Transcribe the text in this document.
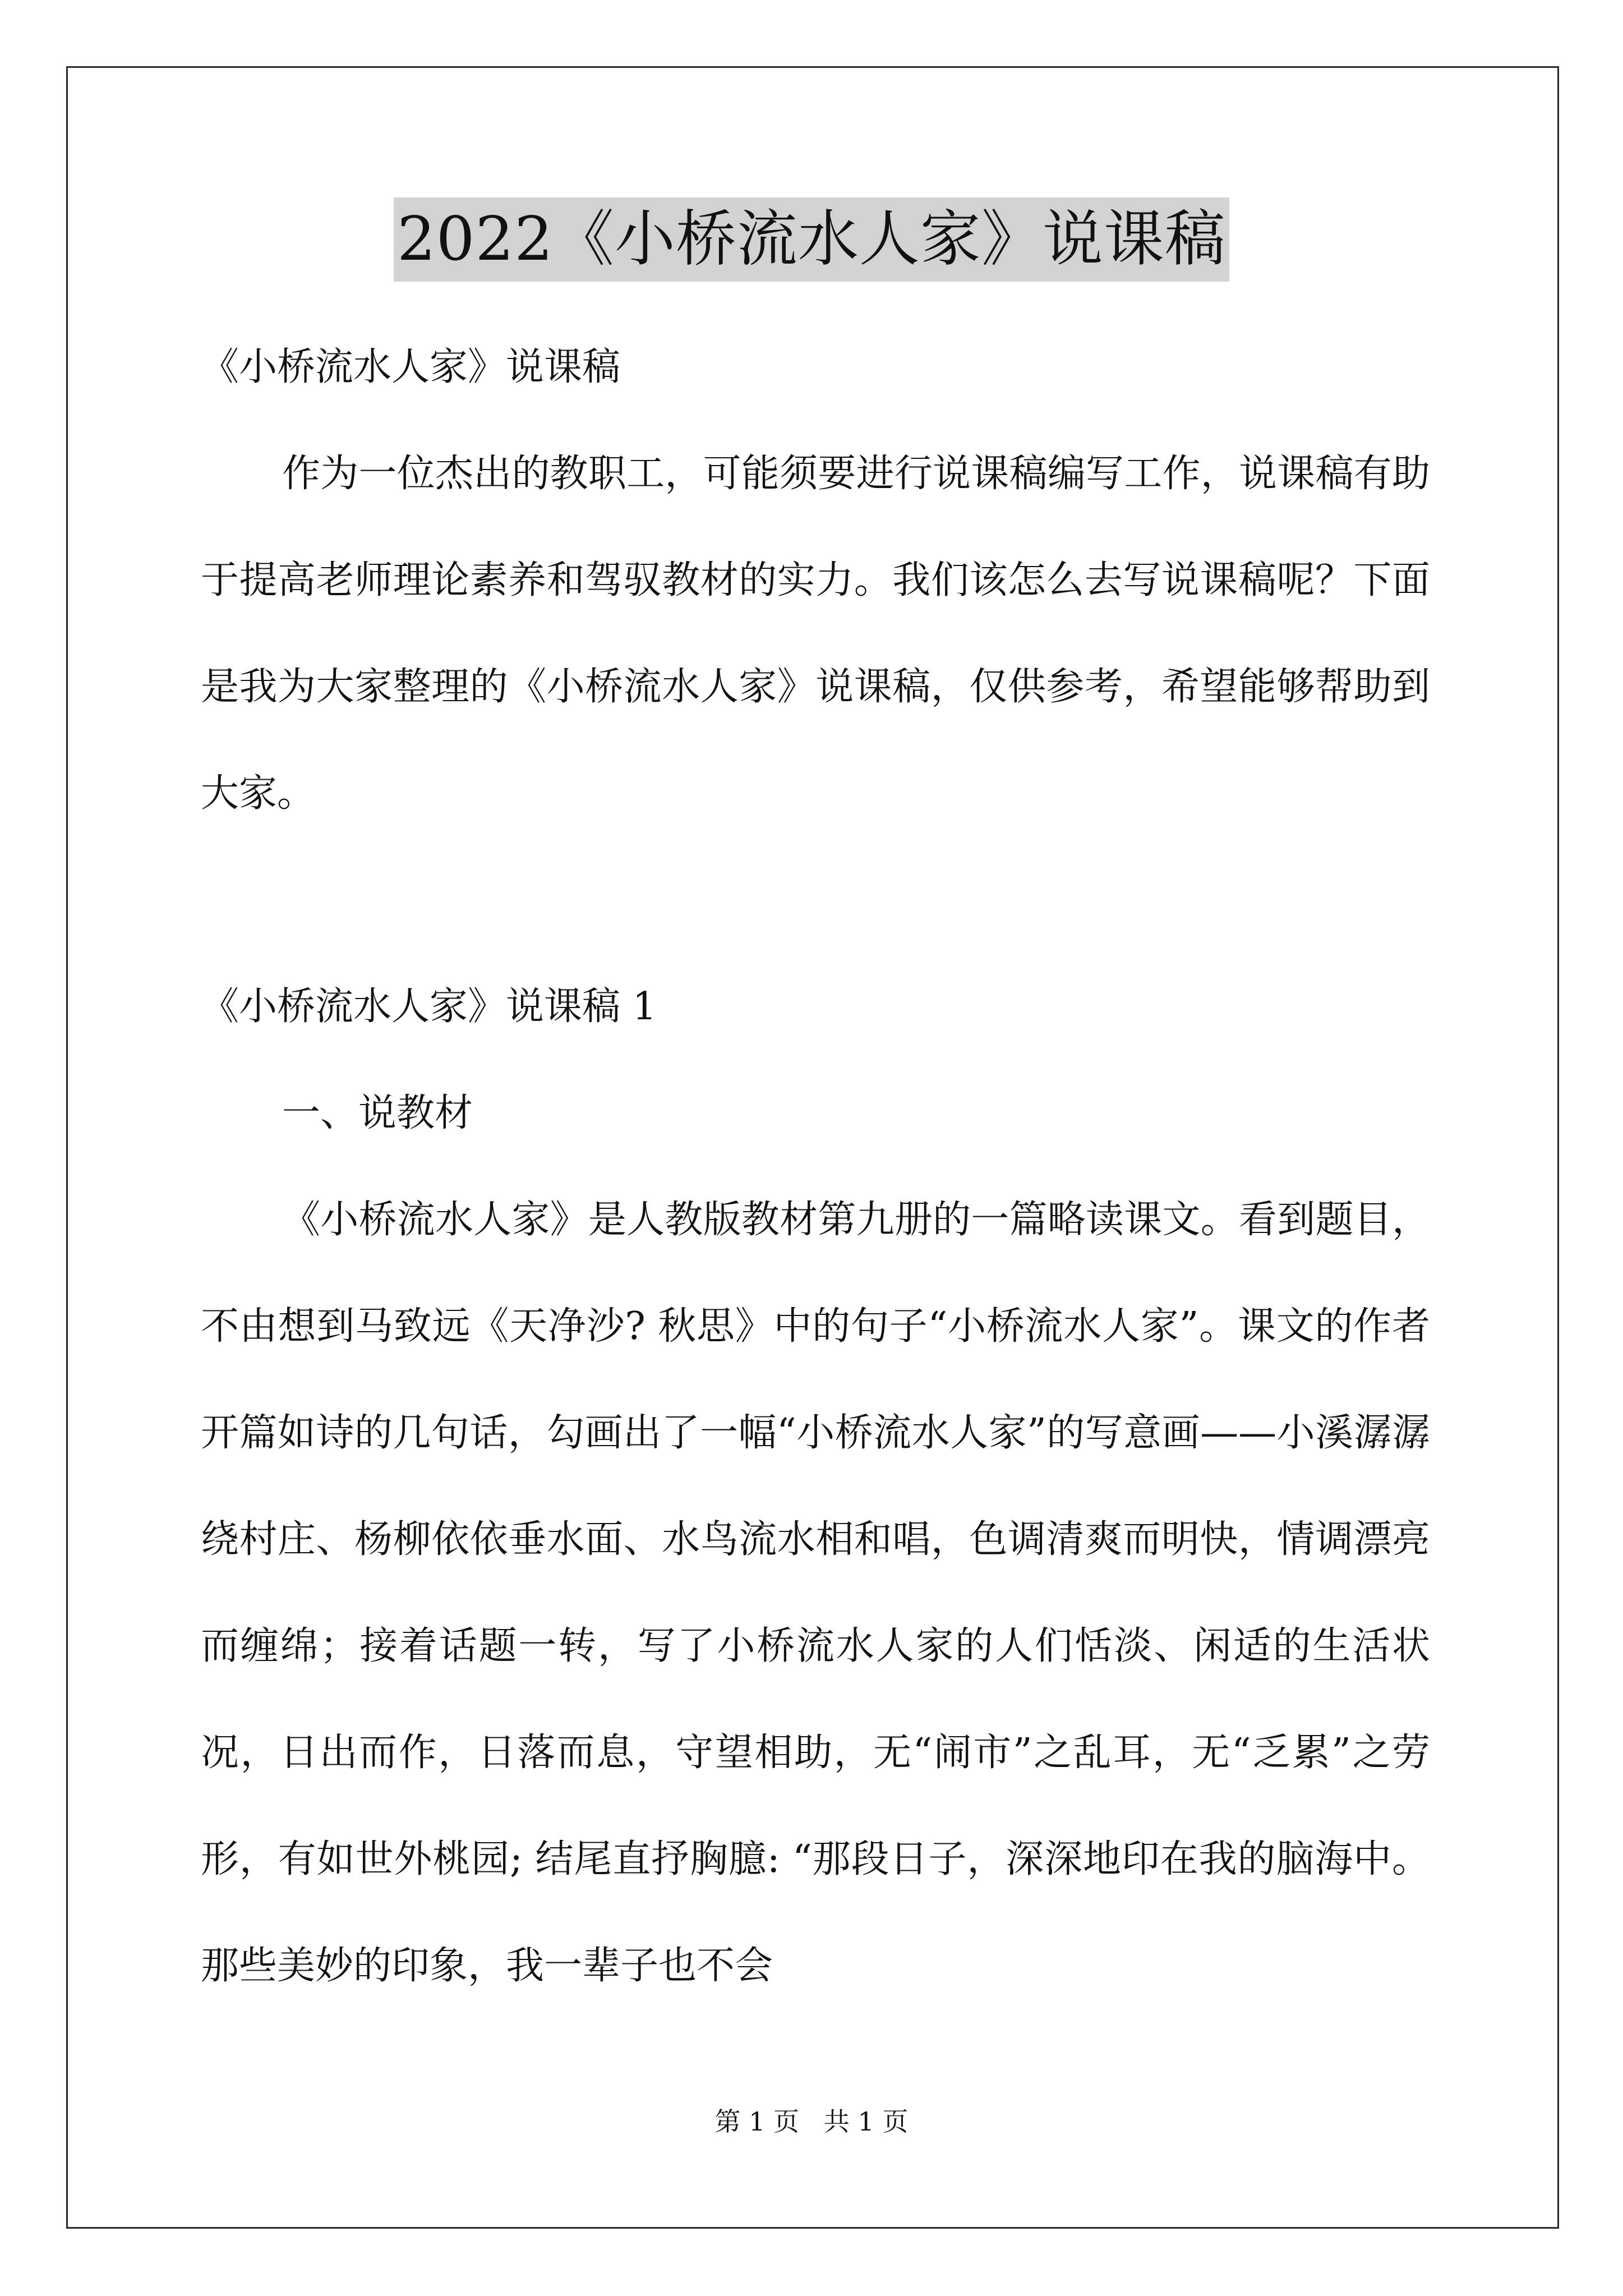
2022《小桥流水人家》说课稿

《小桥流水人家》说课稿

作为一位杰出的教职工，可能须要进行说课稿编写工作，说课稿有助于提高老师理论素养和驾驭教材的实力。我们该怎么去写说课稿呢？下面是我为大家整理的《小桥流水人家》说课稿，仅供参考，希望能够帮助到大家。

《小桥流水人家》说课稿 1

一、说教材

《小桥流水人家》是人教版教材第九册的一篇略读课文。看到题目，不由想到马致远《天净沙? 秋思》中的句子“小桥流水人家”。课文的作者开篇如诗的几句话，勾画出了一幅“小桥流水人家”的写意画——小溪潺潺绕村庄、杨柳依依垂水面、水鸟流水相和唱，色调清爽而明快，情调漂亮而缠绵；接着话题一转，写了小桥流水人家的人们恬淡、闲适的生活状况，日出而作，日落而息，守望相助，无“闹市”之乱耳，无“乏累”之劳形，有如世外桃园; 结尾直抒胸臆: “那段日子，深深地印在我的脑海中。那些美妙的印象，我一辈子也不会

第 1 页   共 1 页
